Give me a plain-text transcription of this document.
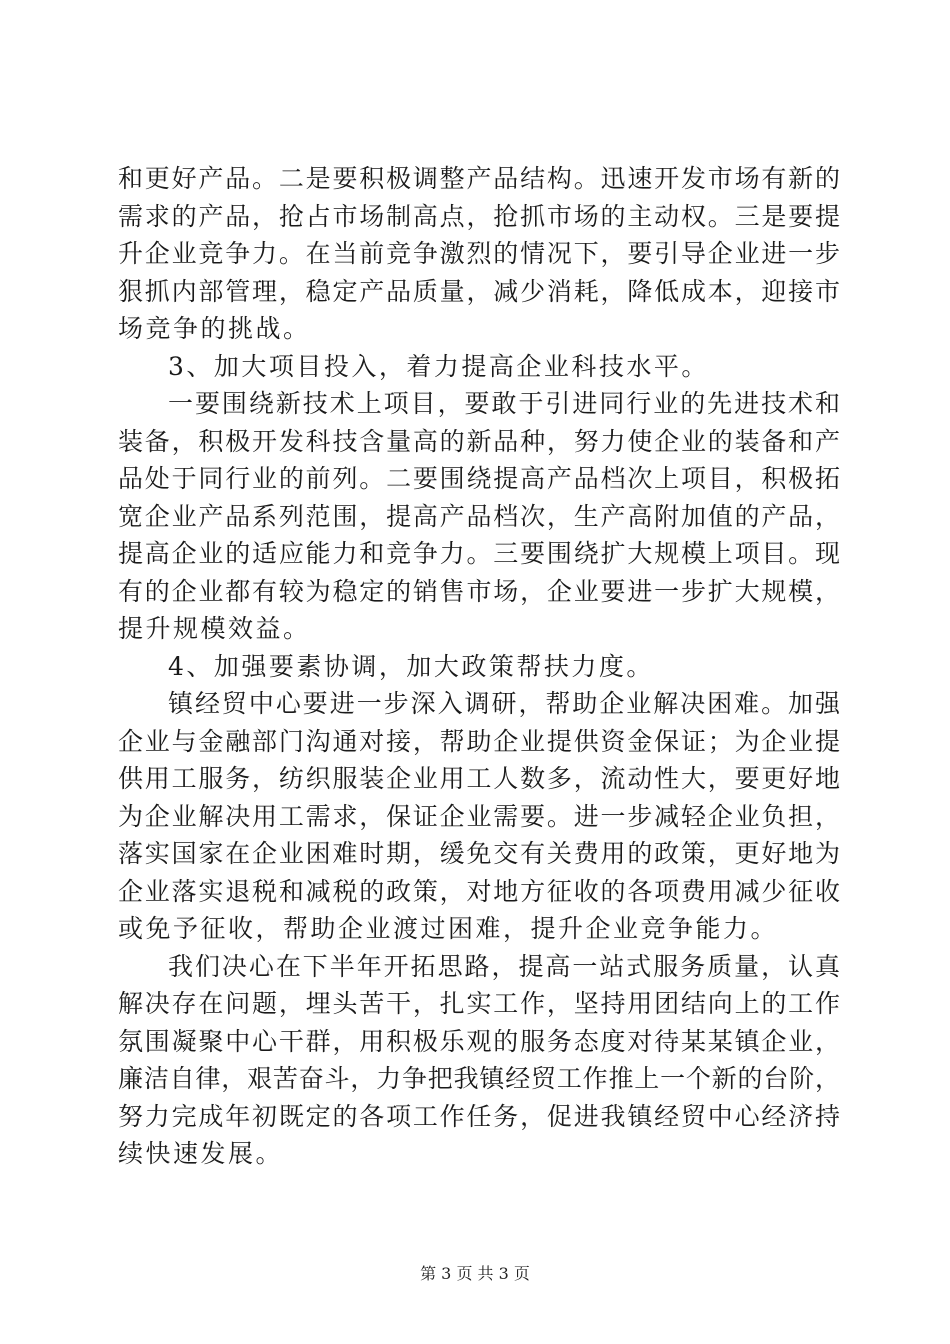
和更好产品。二是要积极调整产品结构。迅速开发市场有新的
需求的产品，抢占市场制高点，抢抓市场的主动权。三是要提
升企业竞争力。在当前竞争激烈的情况下，要引导企业进一步
狠抓内部管理，稳定产品质量，减少消耗，降低成本，迎接市
场竞争的挑战。
3、加大项目投入，着力提高企业科技水平。
一要围绕新技术上项目，要敢于引进同行业的先进技术和
装备，积极开发科技含量高的新品种，努力使企业的装备和产
品处于同行业的前列。二要围绕提高产品档次上项目，积极拓
宽企业产品系列范围，提高产品档次，生产高附加值的产品，
提高企业的适应能力和竞争力。三要围绕扩大规模上项目。现
有的企业都有较为稳定的销售市场，企业要进一步扩大规模，
提升规模效益。
4、加强要素协调，加大政策帮扶力度。
镇经贸中心要进一步深入调研，帮助企业解决困难。加强
企业与金融部门沟通对接，帮助企业提供资金保证；为企业提
供用工服务，纺织服装企业用工人数多，流动性大，要更好地
为企业解决用工需求，保证企业需要。进一步减轻企业负担，
落实国家在企业困难时期，缓免交有关费用的政策，更好地为
企业落实退税和减税的政策，对地方征收的各项费用减少征收
或免予征收，帮助企业渡过困难，提升企业竞争能力。
我们决心在下半年开拓思路，提高一站式服务质量，认真
解决存在问题，埋头苦干，扎实工作，坚持用团结向上的工作
氛围凝聚中心干群，用积极乐观的服务态度对待某某镇企业，
廉洁自律，艰苦奋斗，力争把我镇经贸工作推上一个新的台阶，
努力完成年初既定的各项工作任务，促进我镇经贸中心经济持
续快速发展。
第 3 页 共 3 页
